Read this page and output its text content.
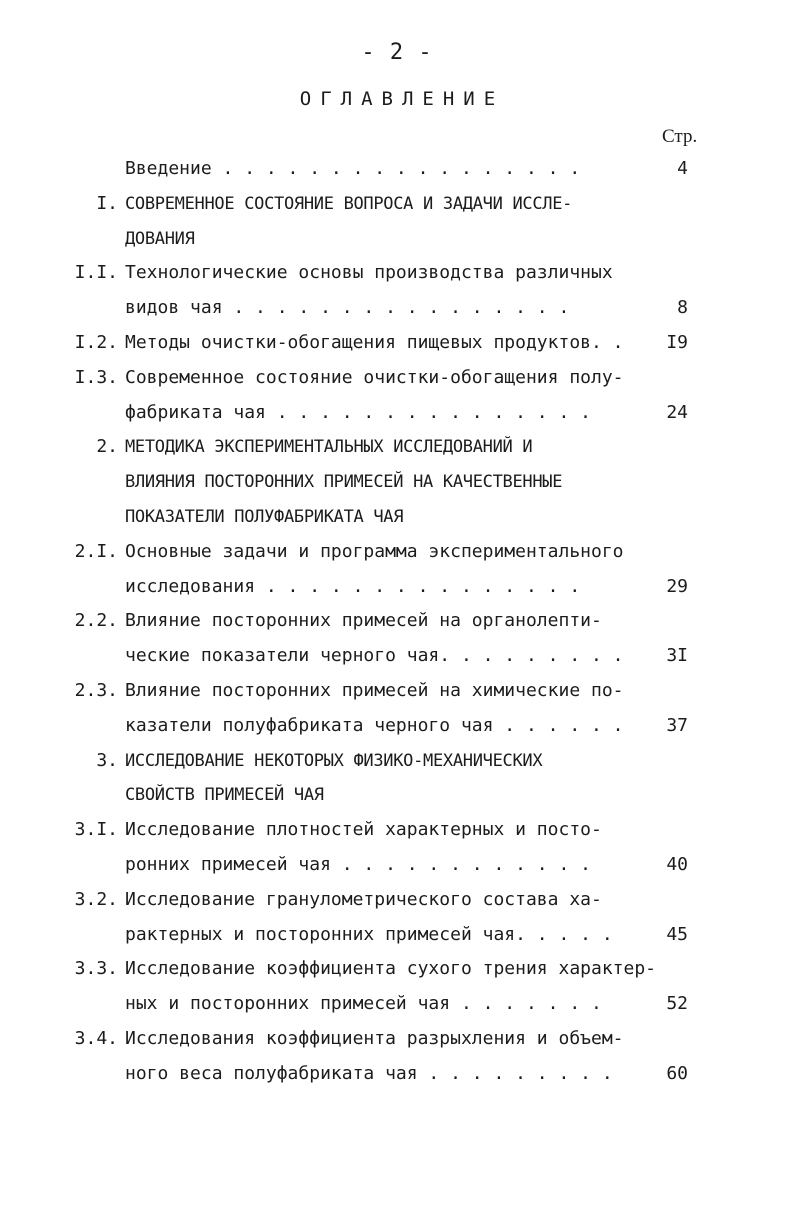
- 2 -
ОГЛАВЛЕНИЕ
Стр.
Введение . . . . . . . . . . . . . . . . .	4
I. СОВРЕМЕННОЕ СОСТОЯНИЕ ВОПРОСА И ЗАДАЧИ ИССЛЕ-
ДОВАНИЯ
I.I. Технологические основы производства различных
видов чая . . . . . . . . . . . . . . . .	8
I.2. Методы очистки-обогащения пищевых продуктов. .	I9
I.3. Современное состояние очистки-обогащения полу-
фабриката чая . . . . . . . . . . . . . . .	24
2. МЕТОДИКА ЭКСПЕРИМЕНТАЛЬНЫХ ИССЛЕДОВАНИЙ И
ВЛИЯНИЯ ПОСТОРОННИХ ПРИМЕСЕЙ НА КАЧЕСТВЕННЫЕ
ПОКАЗАТЕЛИ ПОЛУФАБРИКАТА ЧАЯ
2.I. Основные задачи и программа экспериментального
исследования . . . . . . . . . . . . . . .	29
2.2. Влияние посторонних примесей на органолепти-
ческие показатели черного чая. . . . . . . . .	3I
2.3. Влияние посторонних примесей на химические по-
казатели полуфабриката черного чая . . . . . .	37
3. ИССЛЕДОВАНИЕ НЕКОТОРЫХ ФИЗИКО-МЕХАНИЧЕСКИХ
СВОЙСТВ ПРИМЕСЕЙ ЧАЯ
3.I. Исследование плотностей характерных и посто-
ронних примесей чая . . . . . . . . . . . .	40
3.2. Исследование гранулометрического состава ха-
рактерных и посторонних примесей чая. . . . .	45
3.3. Исследование коэффициента сухого трения характер-
ных и посторонних примесей чая . . . . . . .	52
3.4. Исследования коэффициента разрыхления и объем-
ного веса полуфабриката чая . . . . . . . . .	60
